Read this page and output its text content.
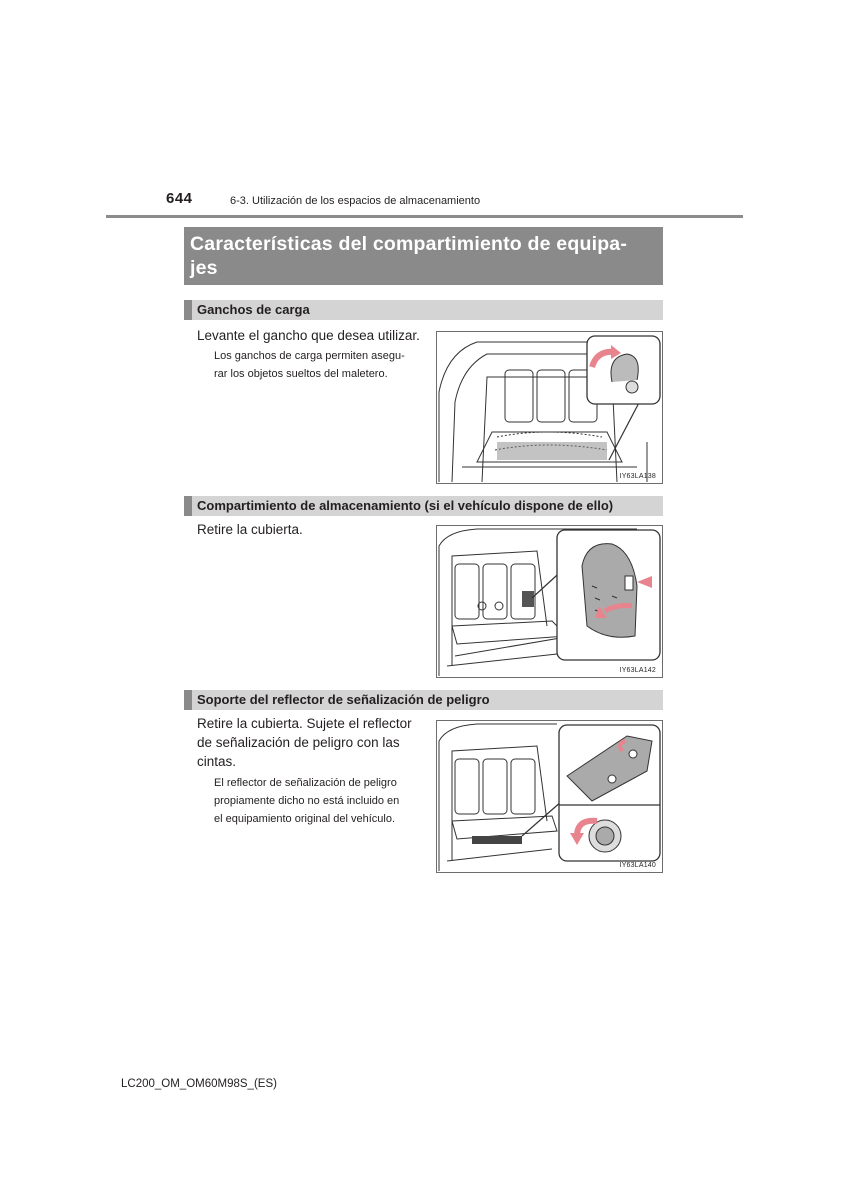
644	6-3. Utilización de los espacios de almacenamiento

Características del compartimiento de equipa-
jes

Ganchos de carga

Levante el gancho que desea utilizar.

Los ganchos de carga permiten asegu-
rar los objetos sueltos del maletero.

IY63LA138
Compartimiento de almacenamiento (si el vehículo dispone de ello)

Retire la cubierta.

IY63LA142
Soporte del reflector de señalización de peligro

Retire la cubierta. Sujete el reflector
de señalización de peligro con las
cintas.

El reflector de señalización de peligro
propiamente dicho no está incluido en
el equipamiento original del vehículo.

IY63LA140
LC200_OM_OM60M98S_(ES)
